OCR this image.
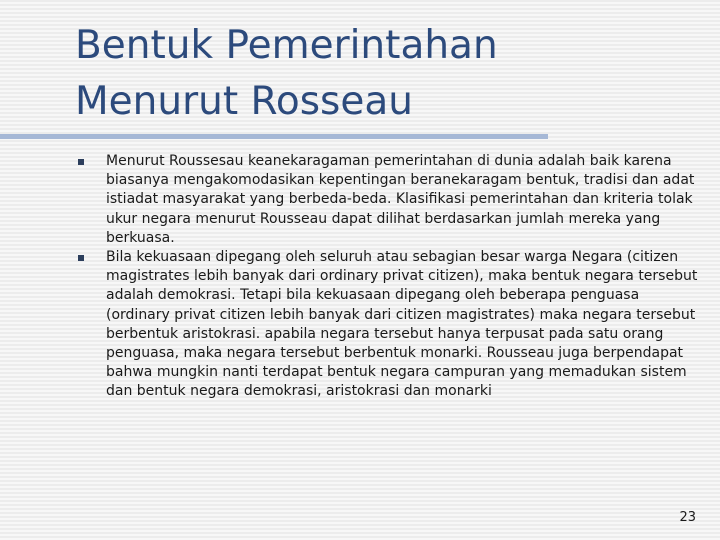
Bentuk Pemerintahan
Menurut Rosseau
Menurut Roussesau keanekaragaman pemerintahan di dunia adalah baik karena biasanya mengakomodasikan kepentingan beranekaragam bentuk, tradisi dan adat istiadat masyarakat yang berbeda-beda. Klasifikasi pemerintahan dan kriteria tolak ukur negara menurut Rousseau dapat dilihat berdasarkan jumlah mereka yang berkuasa.
Bila kekuasaan dipegang oleh seluruh atau sebagian besar warga Negara (citizen magistrates lebih banyak dari ordinary privat citizen), maka bentuk negara tersebut adalah demokrasi. Tetapi bila kekuasaan dipegang oleh beberapa penguasa (ordinary privat citizen lebih banyak dari citizen magistrates) maka negara tersebut berbentuk aristokrasi. apabila negara tersebut hanya terpusat pada satu orang penguasa, maka negara tersebut berbentuk monarki. Rousseau juga berpendapat bahwa mungkin nanti terdapat bentuk negara campuran yang memadukan sistem dan bentuk negara demokrasi, aristokrasi dan monarki
23
